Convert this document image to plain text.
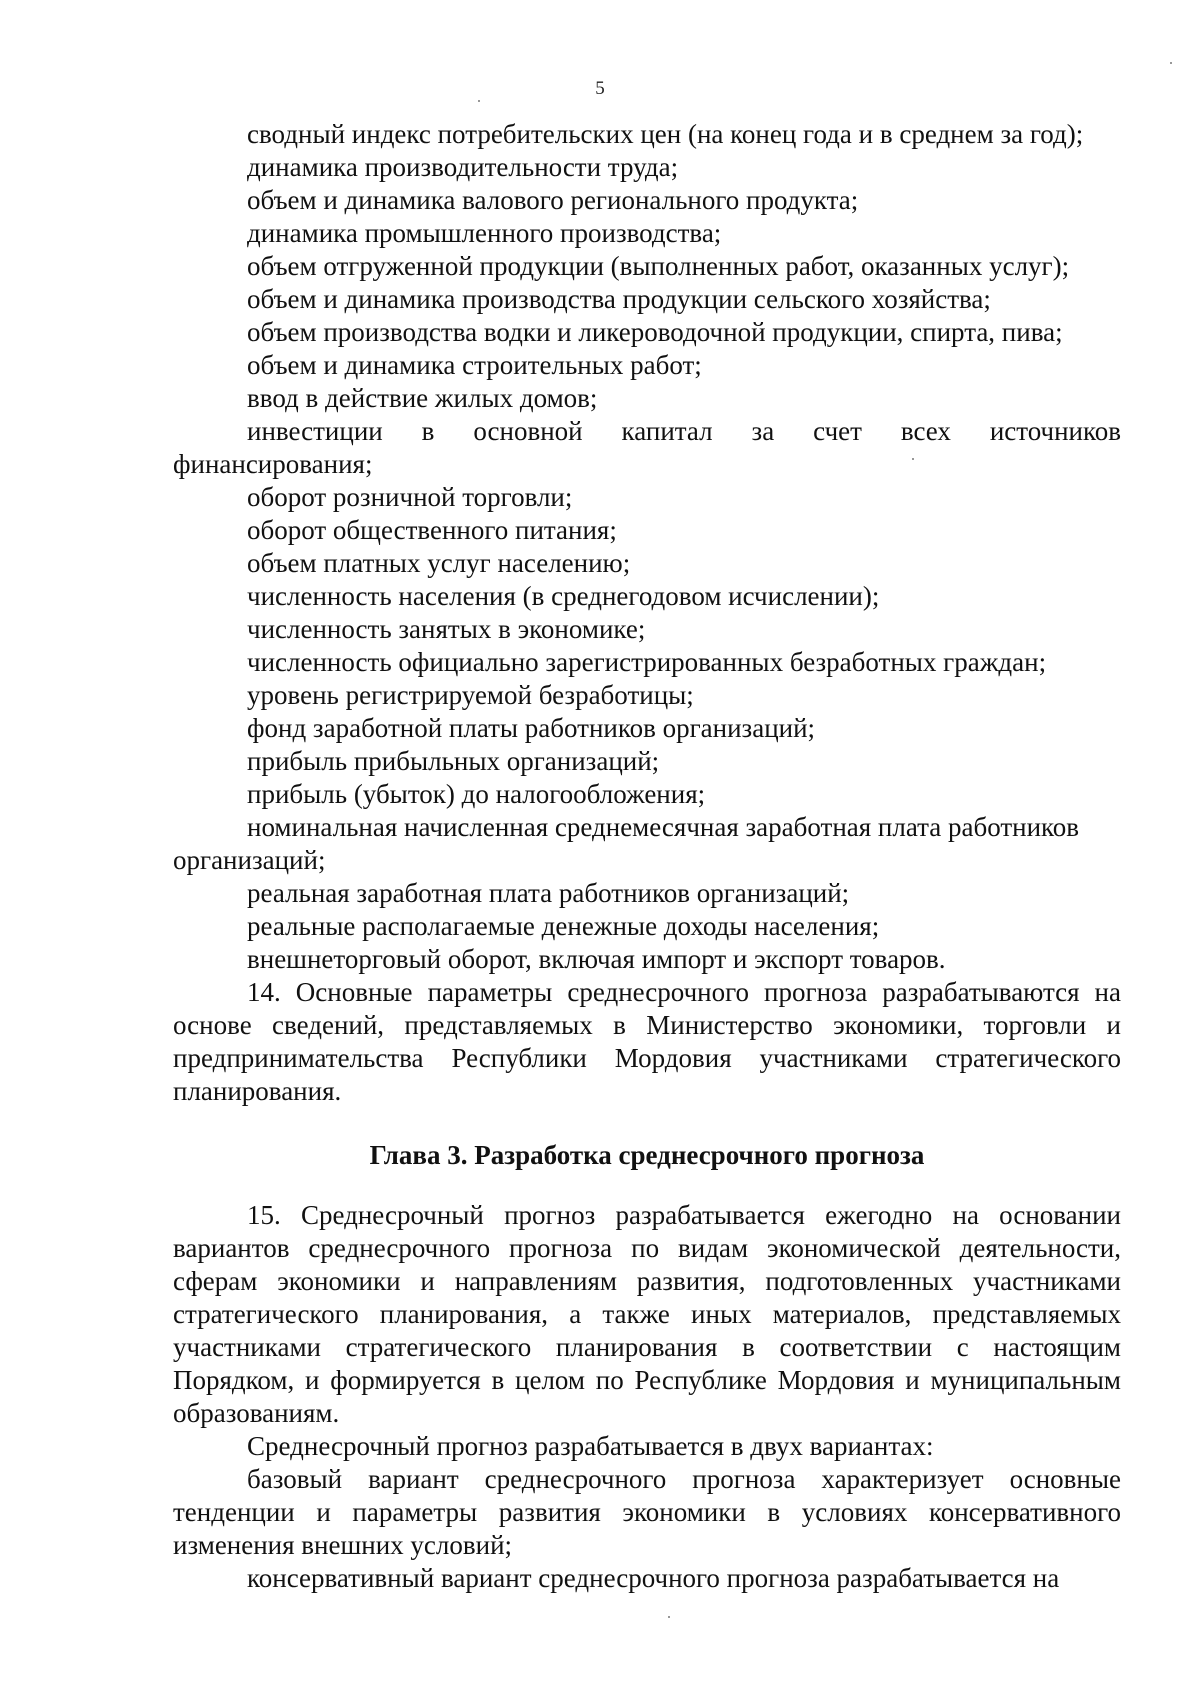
5
сводный индекс потребительских цен (на конец года и в среднем за год);
динамика производительности труда;
объем и динамика валового регионального продукта;
динамика промышленного производства;
объем отгруженной продукции (выполненных работ, оказанных услуг);
объем и динамика производства продукции сельского хозяйства;
объем производства водки и ликероводочной продукции, спирта, пива;
объем и динамика строительных работ;
ввод в действие жилых домов;
инвестиции в основной капитал за счет всех источников
финансирования;
оборот розничной торговли;
оборот общественного питания;
объем платных услуг населению;
численность населения (в среднегодовом исчислении);
численность занятых в экономике;
численность официально зарегистрированных безработных граждан;
уровень регистрируемой безработицы;
фонд заработной платы работников организаций;
прибыль прибыльных организаций;
прибыль (убыток) до налогообложения;
номинальная начисленная среднемесячная заработная плата работников
организаций;
реальная заработная плата работников организаций;
реальные располагаемые денежные доходы населения;
внешнеторговый оборот, включая импорт и экспорт товаров.
14. Основные параметры среднесрочного прогноза разрабатываются на основе сведений, представляемых в Министерство экономики, торговли и предпринимательства Республики Мордовия участниками стратегического планирования.
Глава 3. Разработка среднесрочного прогноза
15. Среднесрочный прогноз разрабатывается ежегодно на основании вариантов среднесрочного прогноза по видам экономической деятельности, сферам экономики и направлениям развития, подготовленных участниками стратегического планирования, а также иных материалов, представляемых участниками стратегического планирования в соответствии с настоящим Порядком, и формируется в целом по Республике Мордовия и муниципальным образованиям.
Среднесрочный прогноз разрабатывается в двух вариантах:
базовый вариант среднесрочного прогноза характеризует основные тенденции и параметры развития экономики в условиях консервативного изменения внешних условий;
консервативный вариант среднесрочного прогноза разрабатывается на
